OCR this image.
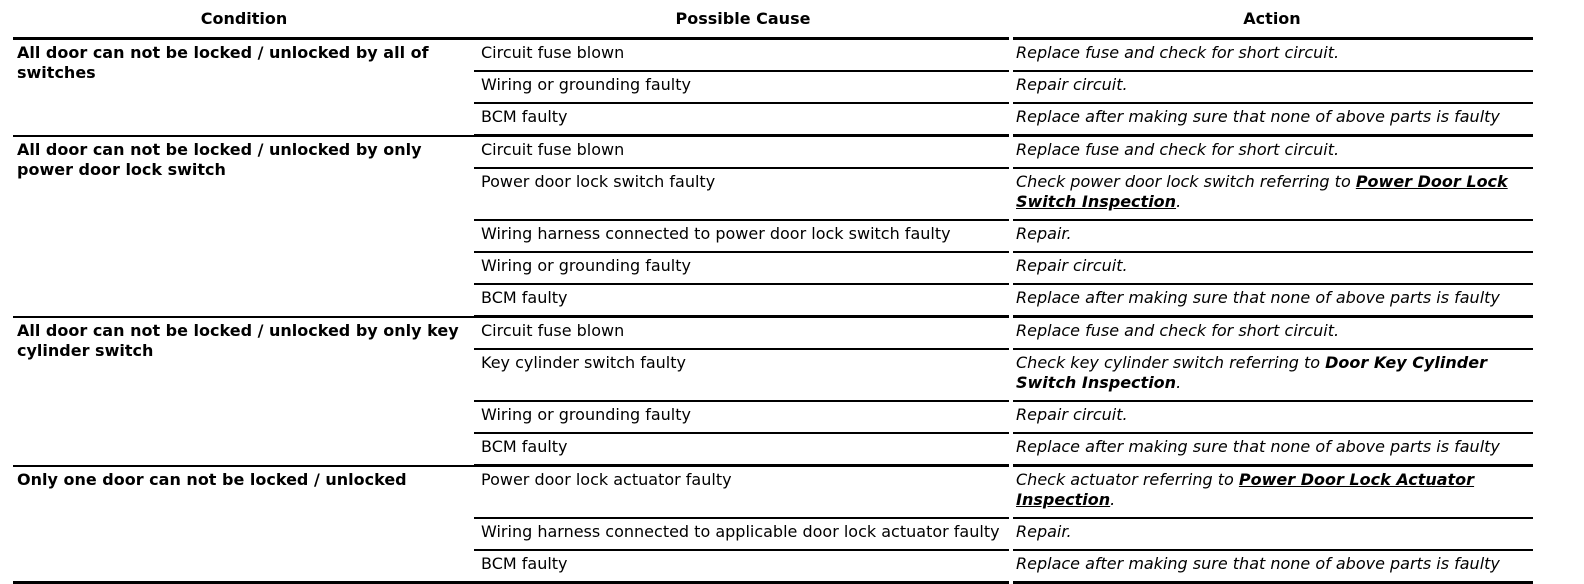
Condition	Possible Cause	Action
All door can not be locked / unlocked by all of switches	Circuit fuse blown	Replace fuse and check for short circuit.
	Wiring or grounding faulty	Repair circuit.
	BCM faulty	Replace after making sure that none of above parts is faulty
All door can not be locked / unlocked by only power door lock switch	Circuit fuse blown	Replace fuse and check for short circuit.
	Power door lock switch faulty	Check power door lock switch referring to Power Door Lock Switch Inspection.
	Wiring harness connected to power door lock switch faulty	Repair.
	Wiring or grounding faulty	Repair circuit.
	BCM faulty	Replace after making sure that none of above parts is faulty
All door can not be locked / unlocked by only key cylinder switch	Circuit fuse blown	Replace fuse and check for short circuit.
	Key cylinder switch faulty	Check key cylinder switch referring to Door Key Cylinder Switch Inspection.
	Wiring or grounding faulty	Repair circuit.
	BCM faulty	Replace after making sure that none of above parts is faulty
Only one door can not be locked / unlocked	Power door lock actuator faulty	Check actuator referring to Power Door Lock Actuator Inspection.
	Wiring harness connected to applicable door lock actuator faulty	Repair.
	BCM faulty	Replace after making sure that none of above parts is faulty
